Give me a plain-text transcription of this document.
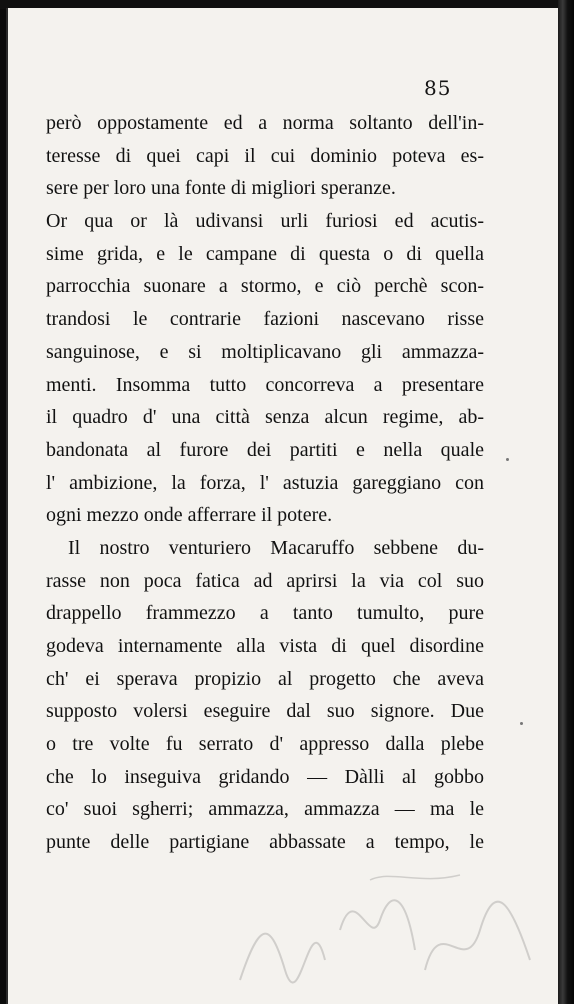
85
però oppostamente ed a norma soltanto dell'in-
teresse di quei capi il cui dominio poteva es-
sere per loro una fonte di migliori speranze.
Or qua or là udivansi urli furiosi ed acutis-
sime grida, e le campane di questa o di quella
parrocchia suonare a stormo, e ciò perchè scon-
trandosi le contrarie fazioni nascevano risse
sanguinose, e si moltiplicavano gli ammazza-
menti. Insomma tutto concorreva a presentare
il quadro d' una città senza alcun regime, ab-
bandonata al furore dei partiti e nella quale
l' ambizione, la forza, l' astuzia gareggiano con
ogni mezzo onde afferrare il potere.
Il nostro venturiero Macaruffo sebbene du-
rasse non poca fatica ad aprirsi la via col suo
drappello frammezzo a tanto tumulto, pure
godeva internamente alla vista di quel disordine
ch' ei sperava propizio al progetto che aveva
supposto volersi eseguire dal suo signore. Due
o tre volte fu serrato d' appresso dalla plebe
che lo inseguiva gridando — Dàlli al gobbo
co' suoi sgherri; ammazza, ammazza — ma le
punte delle partigiane abbassate a tempo, le
